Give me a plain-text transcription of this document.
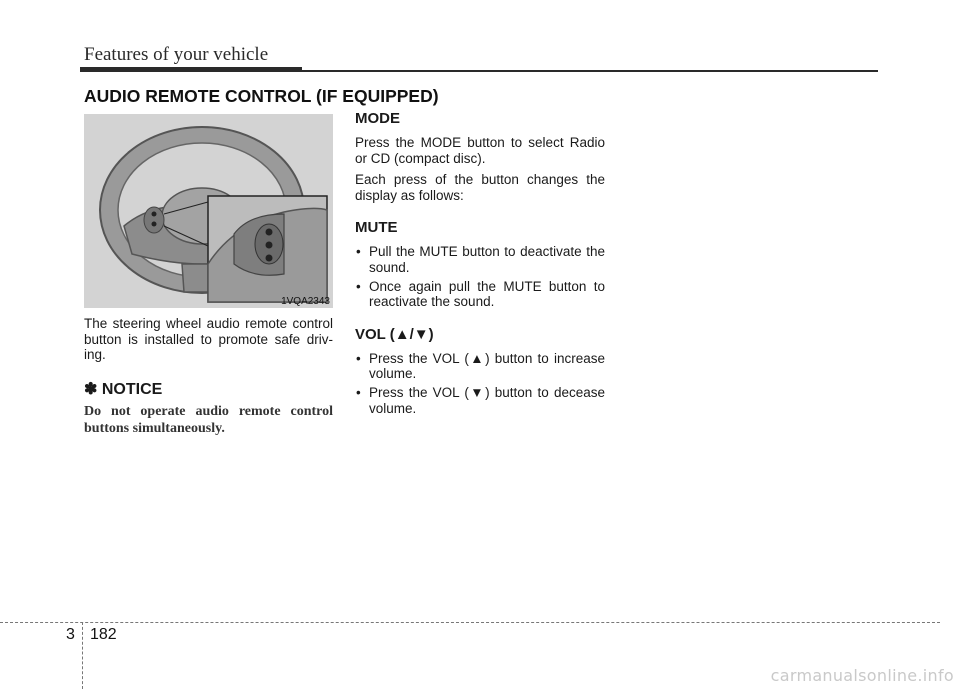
Features of your vehicle
AUDIO REMOTE CONTROL (IF EQUIPPED)
1VQA2343

The steering wheel audio remote control button is installed to promote safe driv-ing.

✽ NOTICE

Do not operate audio remote control buttons simultaneously.

MODE

Press the MODE button to select Radio or CD (compact disc).

Each press of the button changes the display as follows:

MUTE
• Pull the MUTE button to deactivate the sound.
• Once again pull the MUTE button to reactivate the sound.
VOL (▲/▼)
• Press the VOL (▲) button to increase volume.
• Press the VOL (▼) button to decease volume.
3 182
carmanualsonline.info
